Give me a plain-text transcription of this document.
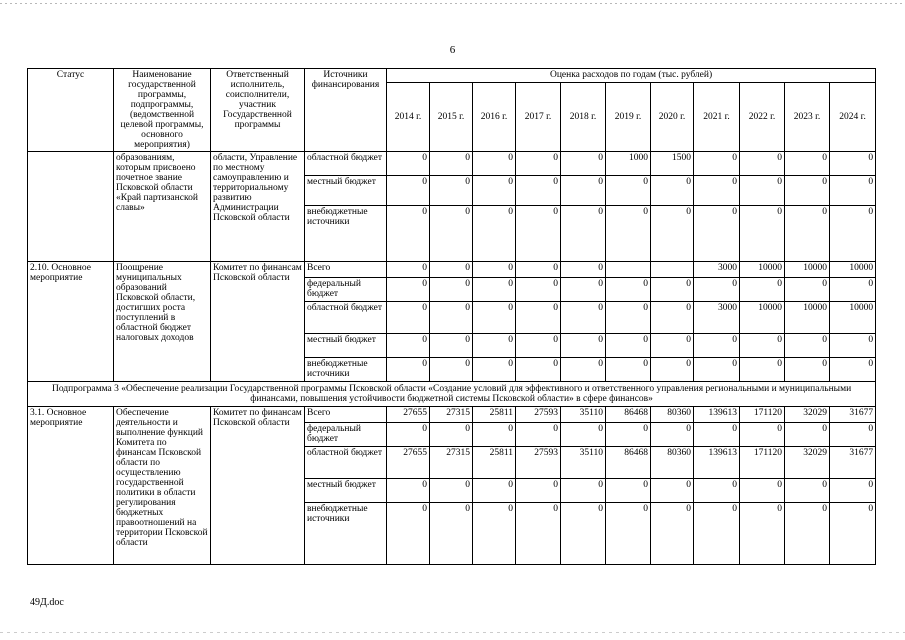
6
Статус	Наименование государственной программы, подпрограммы, (ведомственной целевой программы, основного мероприятия)	Ответственный исполнитель, соисполнители, участник Государственной программы	Источники финансирования	Оценка расходов по годам (тыс. рублей)										
				2014 г.	2015 г.	2016 г.	2017 г.	2018 г.	2019 г.	2020 г.	2021 г.	2022 г.	2023 г.	2024 г.
	образованиям, которым присвоено почетное звание Псковской области «Край партизанской славы»	области, Управление по местному самоуправлению и территориальному развитию Администрации Псковской области	областной бюджет	0	0	0	0	0	1000	1500	0	0	0	0
			местный бюджет	0	0	0	0	0	0	0	0	0	0	0
			внебюджетные источники	0	0	0	0	0	0	0	0	0	0	0
2.10. Основное мероприятие	Поощрение муниципальных образований Псковской области, достигших роста поступлений в областной бюджет налоговых доходов	Комитет по финансам Псковской области	Всего	0	0	0	0	0			3000	10000	10000	10000
			федеральный бюджет	0	0	0	0	0	0	0	0	0	0	0
			областной бюджет	0	0	0	0	0	0	0	3000	10000	10000	10000
			местный бюджет	0	0	0	0	0	0	0	0	0	0	0
			внебюджетные источники	0	0	0	0	0	0	0	0	0	0	0
Подпрограмма 3 «Обеспечение реализации Государственной программы Псковской области «Создание условий для эффективного и ответственного управления региональными и муниципальными финансами, повышения устойчивости бюджетной системы Псковской области» в сфере финансов»														
3.1. Основное мероприятие	Обеспечение деятельности и выполнение функций Комитета по финансам Псковской области по осуществлению государственной политики в области регулирования бюджетных правоотношений на территории Псковской области	Комитет по финансам Псковской области	Всего	27655	27315	25811	27593	35110	86468	80360	139613	171120	32029	31677
			федеральный бюджет	0	0	0	0	0	0	0	0	0	0	0
			областной бюджет	27655	27315	25811	27593	35110	86468	80360	139613	171120	32029	31677
			местный бюджет	0	0	0	0	0	0	0	0	0	0	0
			внебюджетные источники	0	0	0	0	0	0	0	0	0	0	0
49Д.doc
